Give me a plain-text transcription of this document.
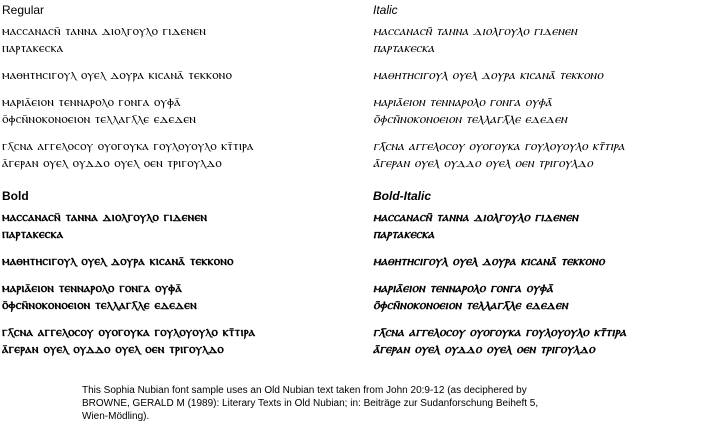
Regular
ⲙⲁⲥⲥⲁⲛⲁⲥⲛ̄ ⲧⲁⲛⲛⲁ ⲇⲓⲟⲗⲅⲟⲩⲗⲟ ⲅⲓⲇⲉⲛⲉⲛ
ⲡⲁⲣⲧⲁⲕⲉⲥⲕⲁ
ⲙⲁⲑⲏⲧⲏⲥⲓⲅⲟⲩⲗ ⲟⲩⲉⲗ ⲇⲟⲩⲣⲁ ⲕⲓⲥⲁⲛⲁ̄ ⲧⲉⲕⲕⲟⲛⲟ
ⲙⲁⲣⲓⲁ̄ⲉⲓⲟⲛ ⲧⲉⲛⲛⲁⲣⲟⲗⲟ ⲅⲟⲛⲅⲁ ⲟⲩⲫⲁ̄
ⲟ̄ⲫⲥⲛ̄ⲛⲟⲕⲟⲛⲟⲉⲓⲟⲛ ⲧⲉⲗⲗⲁⲅⲗ̄ⲗⲉ ⲉⲇⲉⲇⲉⲛ
ⲅⲗ̄ⲥⲛⲁ ⲁⲅⲅⲉⲗⲟⲥⲟⲩ ⲟⲩⲟⲅⲟⲩⲕⲁ ⲅⲟⲩⲗⲟⲩⲟⲩⲗⲟ ⲕⲧ̄ⲧⲓⲣⲁ
ⲁ̄ⲅⲉⲣⲁⲛ ⲟⲩⲉⲗ ⲟⲩⲇⲇⲟ ⲟⲩⲉⲗ ⲟⲉⲛ ⲧⲣⲓⲅⲟⲩⲗⲇⲟ
Italic
ⲙⲁⲥⲥⲁⲛⲁⲥⲛ̄ ⲧⲁⲛⲛⲁ ⲇⲓⲟⲗⲅⲟⲩⲗⲟ ⲅⲓⲇⲉⲛⲉⲛ
ⲡⲁⲣⲧⲁⲕⲉⲥⲕⲁ
ⲙⲁⲑⲏⲧⲏⲥⲓⲅⲟⲩⲗ ⲟⲩⲉⲗ ⲇⲟⲩⲣⲁ ⲕⲓⲥⲁⲛⲁ̄ ⲧⲉⲕⲕⲟⲛⲟ
ⲙⲁⲣⲓⲁ̄ⲉⲓⲟⲛ ⲧⲉⲛⲛⲁⲣⲟⲗⲟ ⲅⲟⲛⲅⲁ ⲟⲩⲫⲁ̄
ⲟ̄ⲫⲥⲛ̄ⲛⲟⲕⲟⲛⲟⲉⲓⲟⲛ ⲧⲉⲗⲗⲁⲅⲗ̄ⲗⲉ ⲉⲇⲉⲇⲉⲛ
ⲅⲗ̄ⲥⲛⲁ ⲁⲅⲅⲉⲗⲟⲥⲟⲩ ⲟⲩⲟⲅⲟⲩⲕⲁ ⲅⲟⲩⲗⲟⲩⲟⲩⲗⲟ ⲕⲧ̄ⲧⲓⲣⲁ
ⲁ̄ⲅⲉⲣⲁⲛ ⲟⲩⲉⲗ ⲟⲩⲇⲇⲟ ⲟⲩⲉⲗ ⲟⲉⲛ ⲧⲣⲓⲅⲟⲩⲗⲇⲟ
Bold
ⲙⲁⲥⲥⲁⲛⲁⲥⲛ̄ ⲧⲁⲛⲛⲁ ⲇⲓⲟⲗⲅⲟⲩⲗⲟ ⲅⲓⲇⲉⲛⲉⲛ
ⲡⲁⲣⲧⲁⲕⲉⲥⲕⲁ
ⲙⲁⲑⲏⲧⲏⲥⲓⲅⲟⲩⲗ ⲟⲩⲉⲗ ⲇⲟⲩⲣⲁ ⲕⲓⲥⲁⲛⲁ̄ ⲧⲉⲕⲕⲟⲛⲟ
ⲙⲁⲣⲓⲁ̄ⲉⲓⲟⲛ ⲧⲉⲛⲛⲁⲣⲟⲗⲟ ⲅⲟⲛⲅⲁ ⲟⲩⲫⲁ̄
ⲟ̄ⲫⲥⲛ̄ⲛⲟⲕⲟⲛⲟⲉⲓⲟⲛ ⲧⲉⲗⲗⲁⲅⲗ̄ⲗⲉ ⲉⲇⲉⲇⲉⲛ
ⲅⲗ̄ⲥⲛⲁ ⲁⲅⲅⲉⲗⲟⲥⲟⲩ ⲟⲩⲟⲅⲟⲩⲕⲁ ⲅⲟⲩⲗⲟⲩⲟⲩⲗⲟ ⲕⲧ̄ⲧⲓⲣⲁ
ⲁ̄ⲅⲉⲣⲁⲛ ⲟⲩⲉⲗ ⲟⲩⲇⲇⲟ ⲟⲩⲉⲗ ⲟⲉⲛ ⲧⲣⲓⲅⲟⲩⲗⲇⲟ
Bold-Italic
ⲙⲁⲥⲥⲁⲛⲁⲥⲛ̄ ⲧⲁⲛⲛⲁ ⲇⲓⲟⲗⲅⲟⲩⲗⲟ ⲅⲓⲇⲉⲛⲉⲛ
ⲡⲁⲣⲧⲁⲕⲉⲥⲕⲁ
ⲙⲁⲑⲏⲧⲏⲥⲓⲅⲟⲩⲗ ⲟⲩⲉⲗ ⲇⲟⲩⲣⲁ ⲕⲓⲥⲁⲛⲁ̄ ⲧⲉⲕⲕⲟⲛⲟ
ⲙⲁⲣⲓⲁ̄ⲉⲓⲟⲛ ⲧⲉⲛⲛⲁⲣⲟⲗⲟ ⲅⲟⲛⲅⲁ ⲟⲩⲫⲁ̄
ⲟ̄ⲫⲥⲛ̄ⲛⲟⲕⲟⲛⲟⲉⲓⲟⲛ ⲧⲉⲗⲗⲁⲅⲗ̄ⲗⲉ ⲉⲇⲉⲇⲉⲛ
ⲅⲗ̄ⲥⲛⲁ ⲁⲅⲅⲉⲗⲟⲥⲟⲩ ⲟⲩⲟⲅⲟⲩⲕⲁ ⲅⲟⲩⲗⲟⲩⲟⲩⲗⲟ ⲕⲧ̄ⲧⲓⲣⲁ
ⲁ̄ⲅⲉⲣⲁⲛ ⲟⲩⲉⲗ ⲟⲩⲇⲇⲟ ⲟⲩⲉⲗ ⲟⲉⲛ ⲧⲣⲓⲅⲟⲩⲗⲇⲟ
This Sophia Nubian font sample uses an Old Nubian text taken from John 20:9-12 (as deciphered by
BROWNE, GERALD M (1989): Literary Texts in Old Nubian; in: Beiträge zur Sudanforschung Beiheft 5,
Wien-Mödling).
